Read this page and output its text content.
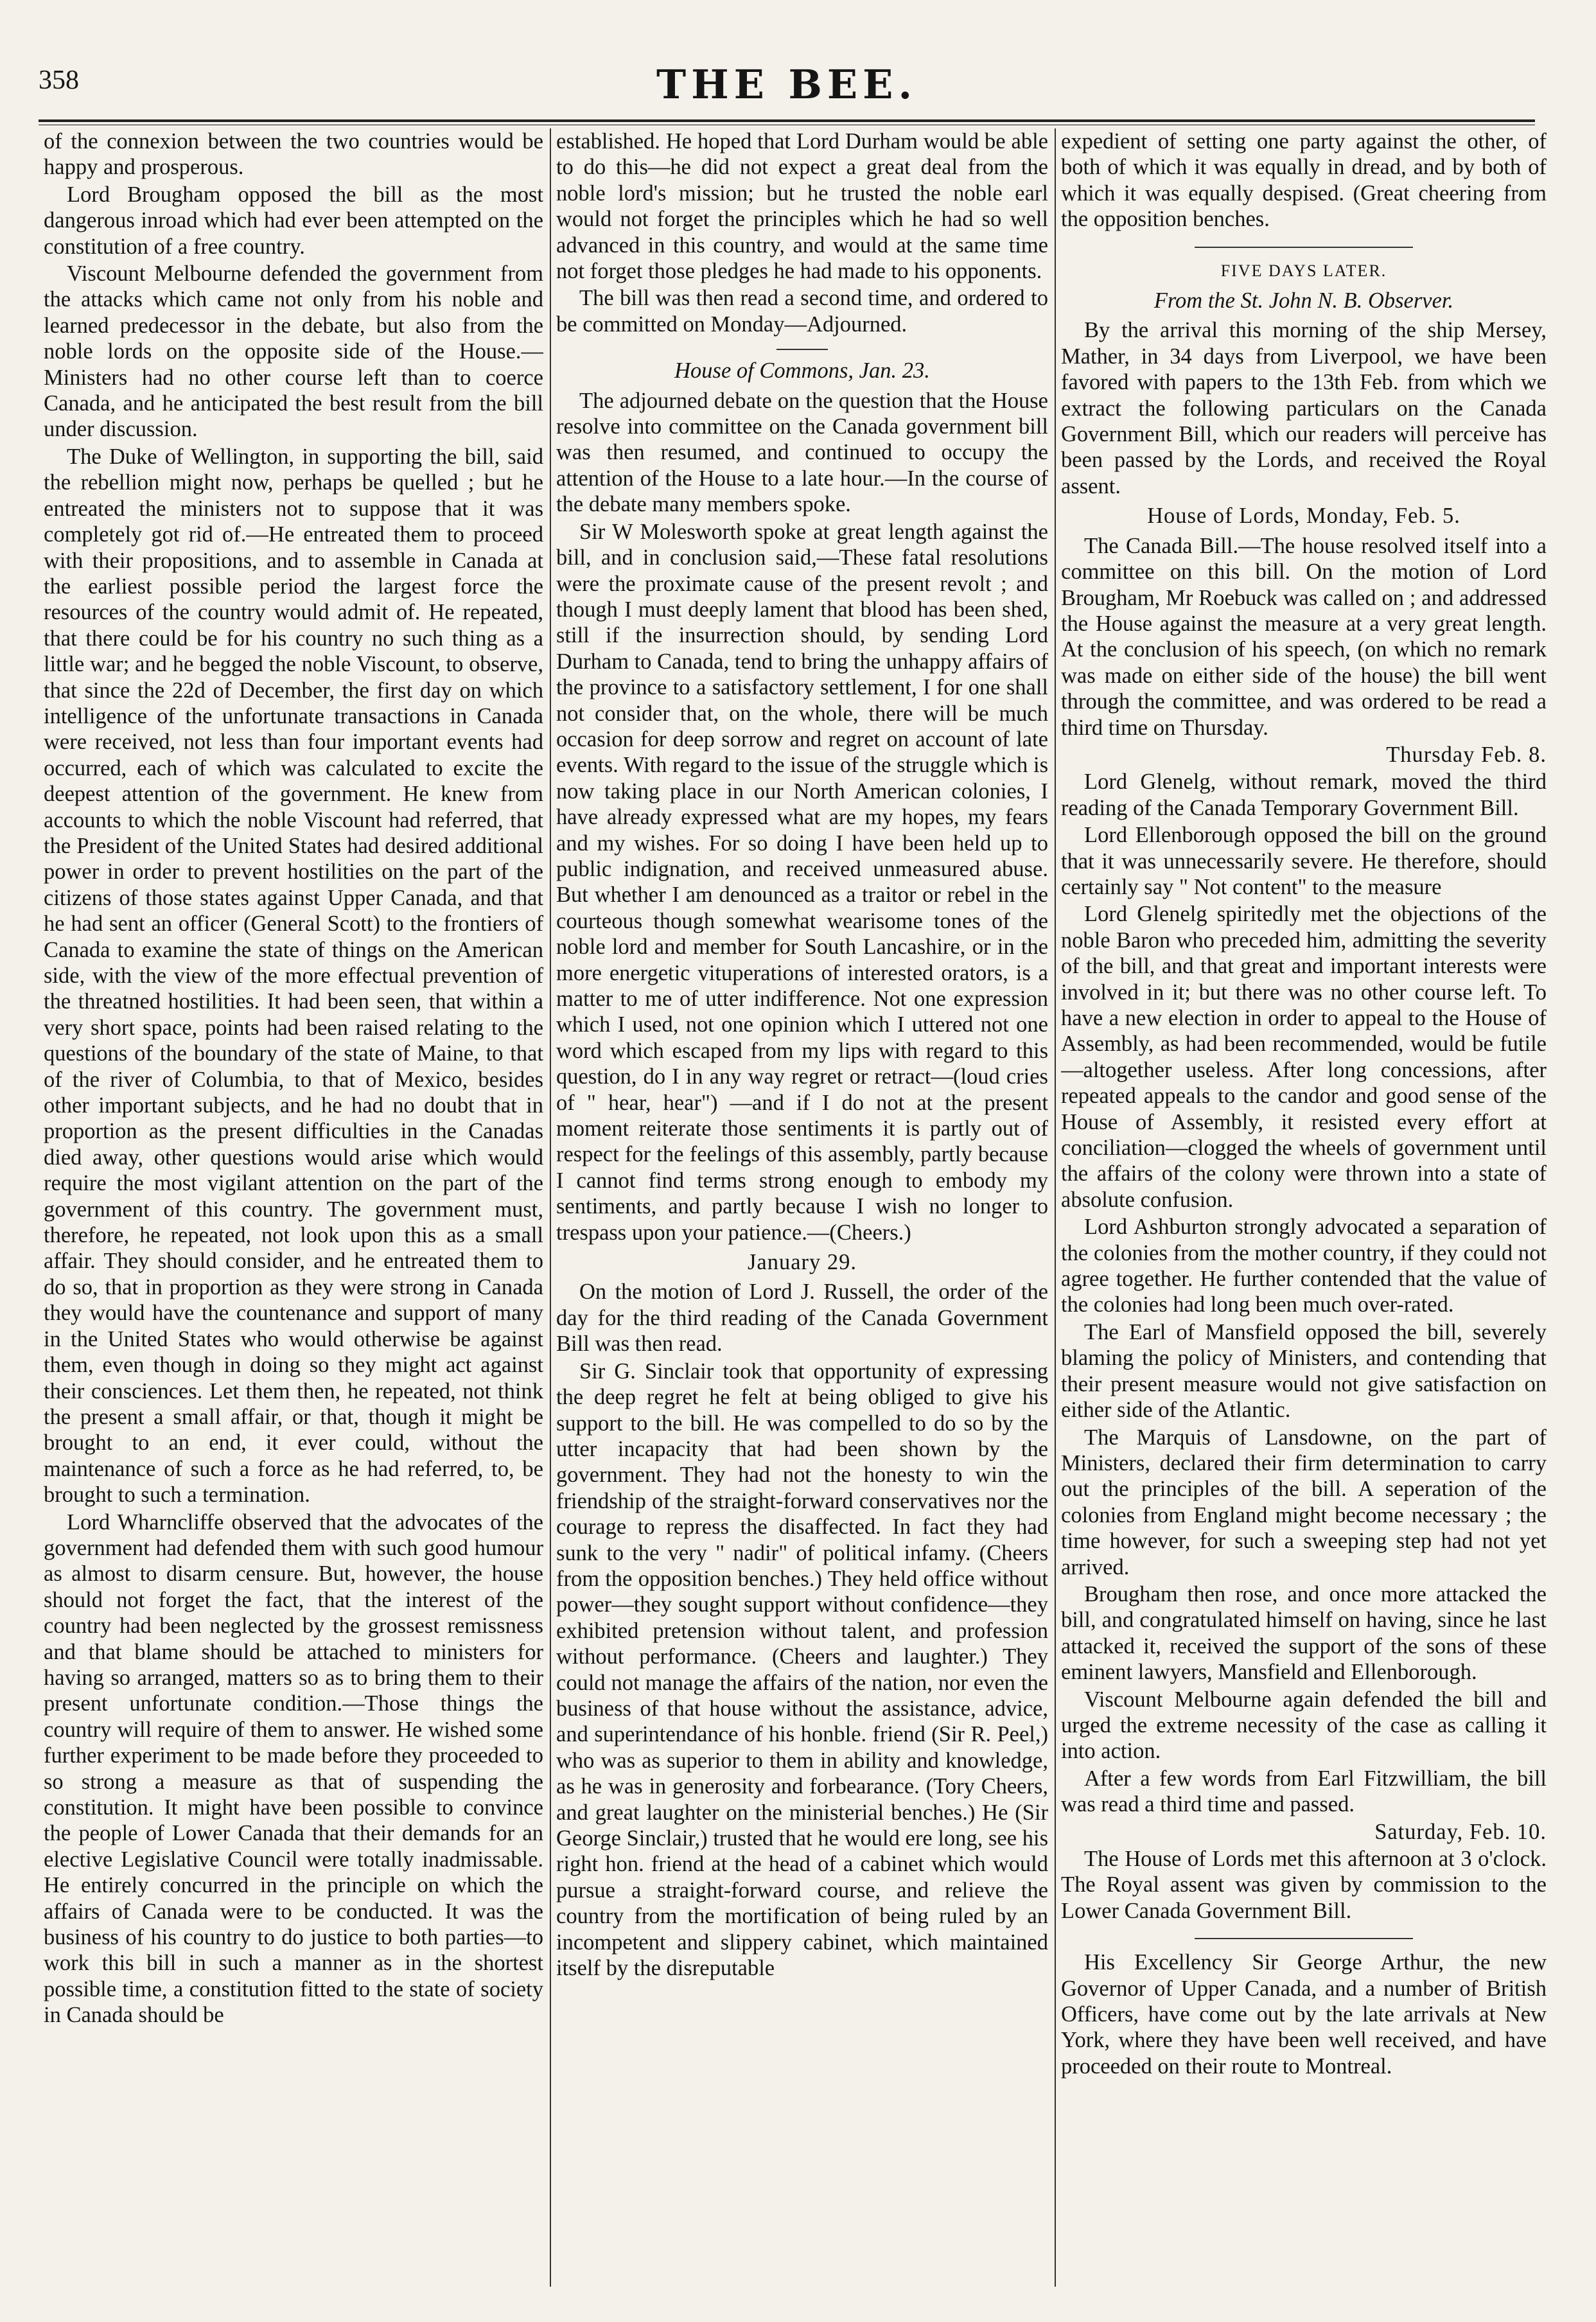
358	THE BEE.

of the connexion between the two countries would be happy and prosperous.

Lord Brougham opposed the bill as the most dangerous inroad which had ever been attempted on the constitution of a free country.

Viscount Melbourne defended the government from the attacks which came not only from his noble and learned predecessor in the debate, but also from the noble lords on the opposite side of the House.—Ministers had no other course left than to coerce Canada, and he anticipated the best result from the bill under discussion.

The Duke of Wellington, in supporting the bill, said the rebellion might now, perhaps be quelled ; but he entreated the ministers not to suppose that it was completely got rid of.—He entreated them to proceed with their propositions, and to assemble in Canada at the earliest possible period the largest force the resources of the country would admit of. He repeated, that there could be for his country no such thing as a little war; and he begged the noble Viscount, to observe, that since the 22d of December, the first day on which intelligence of the unfortunate transactions in Canada were received, not less than four important events had occurred, each of which was calculated to excite the deepest attention of the government. He knew from accounts to which the noble Viscount had referred, that the President of the United States had desired additional power in order to prevent hostilities on the part of the citizens of those states against Upper Canada, and that he had sent an officer (General Scott) to the frontiers of Canada to examine the state of things on the American side, with the view of the more effectual prevention of the threatned hostilities. It had been seen, that within a very short space, points had been raised relating to the questions of the boundary of the state of Maine, to that of the river of Columbia, to that of Mexico, besides other important subjects, and he had no doubt that in proportion as the present difficulties in the Canadas died away, other questions would arise which would require the most vigilant attention on the part of the government of this country. The government must, therefore, he repeated, not look upon this as a small affair. They should consider, and he entreated them to do so, that in proportion as they were strong in Canada they would have the countenance and support of many in the United States who would otherwise be against them, even though in doing so they might act against their consciences. Let them then, he repeated, not think the present a small affair, or that, though it might be brought to an end, it ever could, without the maintenance of such a force as he had referred, to, be brought to such a termination.

Lord Wharncliffe observed that the advocates of the government had defended them with such good humour as almost to disarm censure. But, however, the house should not forget the fact, that the interest of the country had been neglected by the grossest remissness and that blame should be attached to ministers for having so arranged, matters so as to bring them to their present unfortunate condition.—Those things the country will require of them to answer. He wished some further experiment to be made before they proceeded to so strong a measure as that of suspending the constitution. It might have been possible to convince the people of Lower Canada that their demands for an elective Legislative Council were totally inadmissable. He entirely concurred in the principle on which the affairs of Canada were to be conducted. It was the business of his country to do justice to both parties—to work this bill in such a manner as in the shortest possible time, a constitution fitted to the state of society in Canada should be

established. He hoped that Lord Durham would be able to do this—he did not expect a great deal from the noble lord's mission; but he trusted the noble earl would not forget the principles which he had so well advanced in this country, and would at the same time not forget those pledges he had made to his opponents.

The bill was then read a second time, and ordered to be committed on Monday—Adjourned.

House of Commons, Jan. 23.

The adjourned debate on the question that the House resolve into committee on the Canada government bill was then resumed, and continued to occupy the attention of the House to a late hour.—In the course of the debate many members spoke.

Sir W Molesworth spoke at great length against the bill, and in conclusion said,—These fatal resolutions were the proximate cause of the present revolt ; and though I must deeply lament that blood has been shed, still if the insurrection should, by sending Lord Durham to Canada, tend to bring the unhappy affairs of the province to a satisfactory settlement, I for one shall not consider that, on the whole, there will be much occasion for deep sorrow and regret on account of late events. With regard to the issue of the struggle which is now taking place in our North American colonies, I have already expressed what are my hopes, my fears and my wishes. For so doing I have been held up to public indignation, and received unmeasured abuse. But whether I am denounced as a traitor or rebel in the courteous though somewhat wearisome tones of the noble lord and member for South Lancashire, or in the more energetic vituperations of interested orators, is a matter to me of utter indifference. Not one expression which I used, not one opinion which I uttered not one word which escaped from my lips with regard to this question, do I in any way regret or retract—(loud cries of " hear, hear") —and if I do not at the present moment reiterate those sentiments it is partly out of respect for the feelings of this assembly, partly because I cannot find terms strong enough to embody my sentiments, and partly because I wish no longer to trespass upon your patience.—(Cheers.)

January 29.

On the motion of Lord J. Russell, the order of the day for the third reading of the Canada Government Bill was then read.

Sir G. Sinclair took that opportunity of expressing the deep regret he felt at being obliged to give his support to the bill. He was compelled to do so by the utter incapacity that had been shown by the government. They had not the honesty to win the friendship of the straight-forward conservatives nor the courage to repress the disaffected. In fact they had sunk to the very " nadir" of political infamy. (Cheers from the opposition benches.) They held office without power—they sought support without confidence—they exhibited pretension without talent, and profession without performance. (Cheers and laughter.) They could not manage the affairs of the nation, nor even the business of that house without the assistance, advice, and superintendance of his honble. friend (Sir R. Peel,) who was as superior to them in ability and knowledge, as he was in generosity and forbearance. (Tory Cheers, and great laughter on the ministerial benches.) He (Sir George Sinclair,) trusted that he would ere long, see his right hon. friend at the head of a cabinet which would pursue a straight-forward course, and relieve the country from the mortification of being ruled by an incompetent and slippery cabinet, which maintained itself by the disreputable

expedient of setting one party against the other, of both of which it was equally in dread, and by both of which it was equally despised. (Great cheering from the opposition benches.

FIVE DAYS LATER.

From the St. John N. B. Observer.

By the arrival this morning of the ship Mersey, Mather, in 34 days from Liverpool, we have been favored with papers to the 13th Feb. from which we extract the following particulars on the Canada Government Bill, which our readers will perceive has been passed by the Lords, and received the Royal assent.

House of Lords, Monday, Feb. 5.

The Canada Bill.—The house resolved itself into a committee on this bill. On the motion of Lord Brougham, Mr Roebuck was called on ; and addressed the House against the measure at a very great length. At the conclusion of his speech, (on which no remark was made on either side of the house) the bill went through the committee, and was ordered to be read a third time on Thursday.

Thursday Feb. 8.

Lord Glenelg, without remark, moved the third reading of the Canada Temporary Government Bill.

Lord Ellenborough opposed the bill on the ground that it was unnecessarily severe. He therefore, should certainly say " Not content" to the measure

Lord Glenelg spiritedly met the objections of the noble Baron who preceded him, admitting the severity of the bill, and that great and important interests were involved in it; but there was no other course left. To have a new election in order to appeal to the House of Assembly, as had been recommended, would be futile—altogether useless. After long concessions, after repeated appeals to the candor and good sense of the House of Assembly, it resisted every effort at conciliation—clogged the wheels of government until the affairs of the colony were thrown into a state of absolute confusion.

Lord Ashburton strongly advocated a separation of the colonies from the mother country, if they could not agree together. He further contended that the value of the colonies had long been much over-rated.

The Earl of Mansfield opposed the bill, severely blaming the policy of Ministers, and contending that their present measure would not give satisfaction on either side of the Atlantic.

The Marquis of Lansdowne, on the part of Ministers, declared their firm determination to carry out the principles of the bill. A seperation of the colonies from England might become necessary ; the time however, for such a sweeping step had not yet arrived.

Brougham then rose, and once more attacked the bill, and congratulated himself on having, since he last attacked it, received the support of the sons of these eminent lawyers, Mansfield and Ellenborough.

Viscount Melbourne again defended the bill and urged the extreme necessity of the case as calling it into action.

After a few words from Earl Fitzwilliam, the bill was read a third time and passed.

Saturday, Feb. 10.

The House of Lords met this afternoon at 3 o'clock. The Royal assent was given by commission to the Lower Canada Government Bill.

His Excellency Sir George Arthur, the new Governor of Upper Canada, and a number of British Officers, have come out by the late arrivals at New York, where they have been well received, and have proceeded on their route to Montreal.
